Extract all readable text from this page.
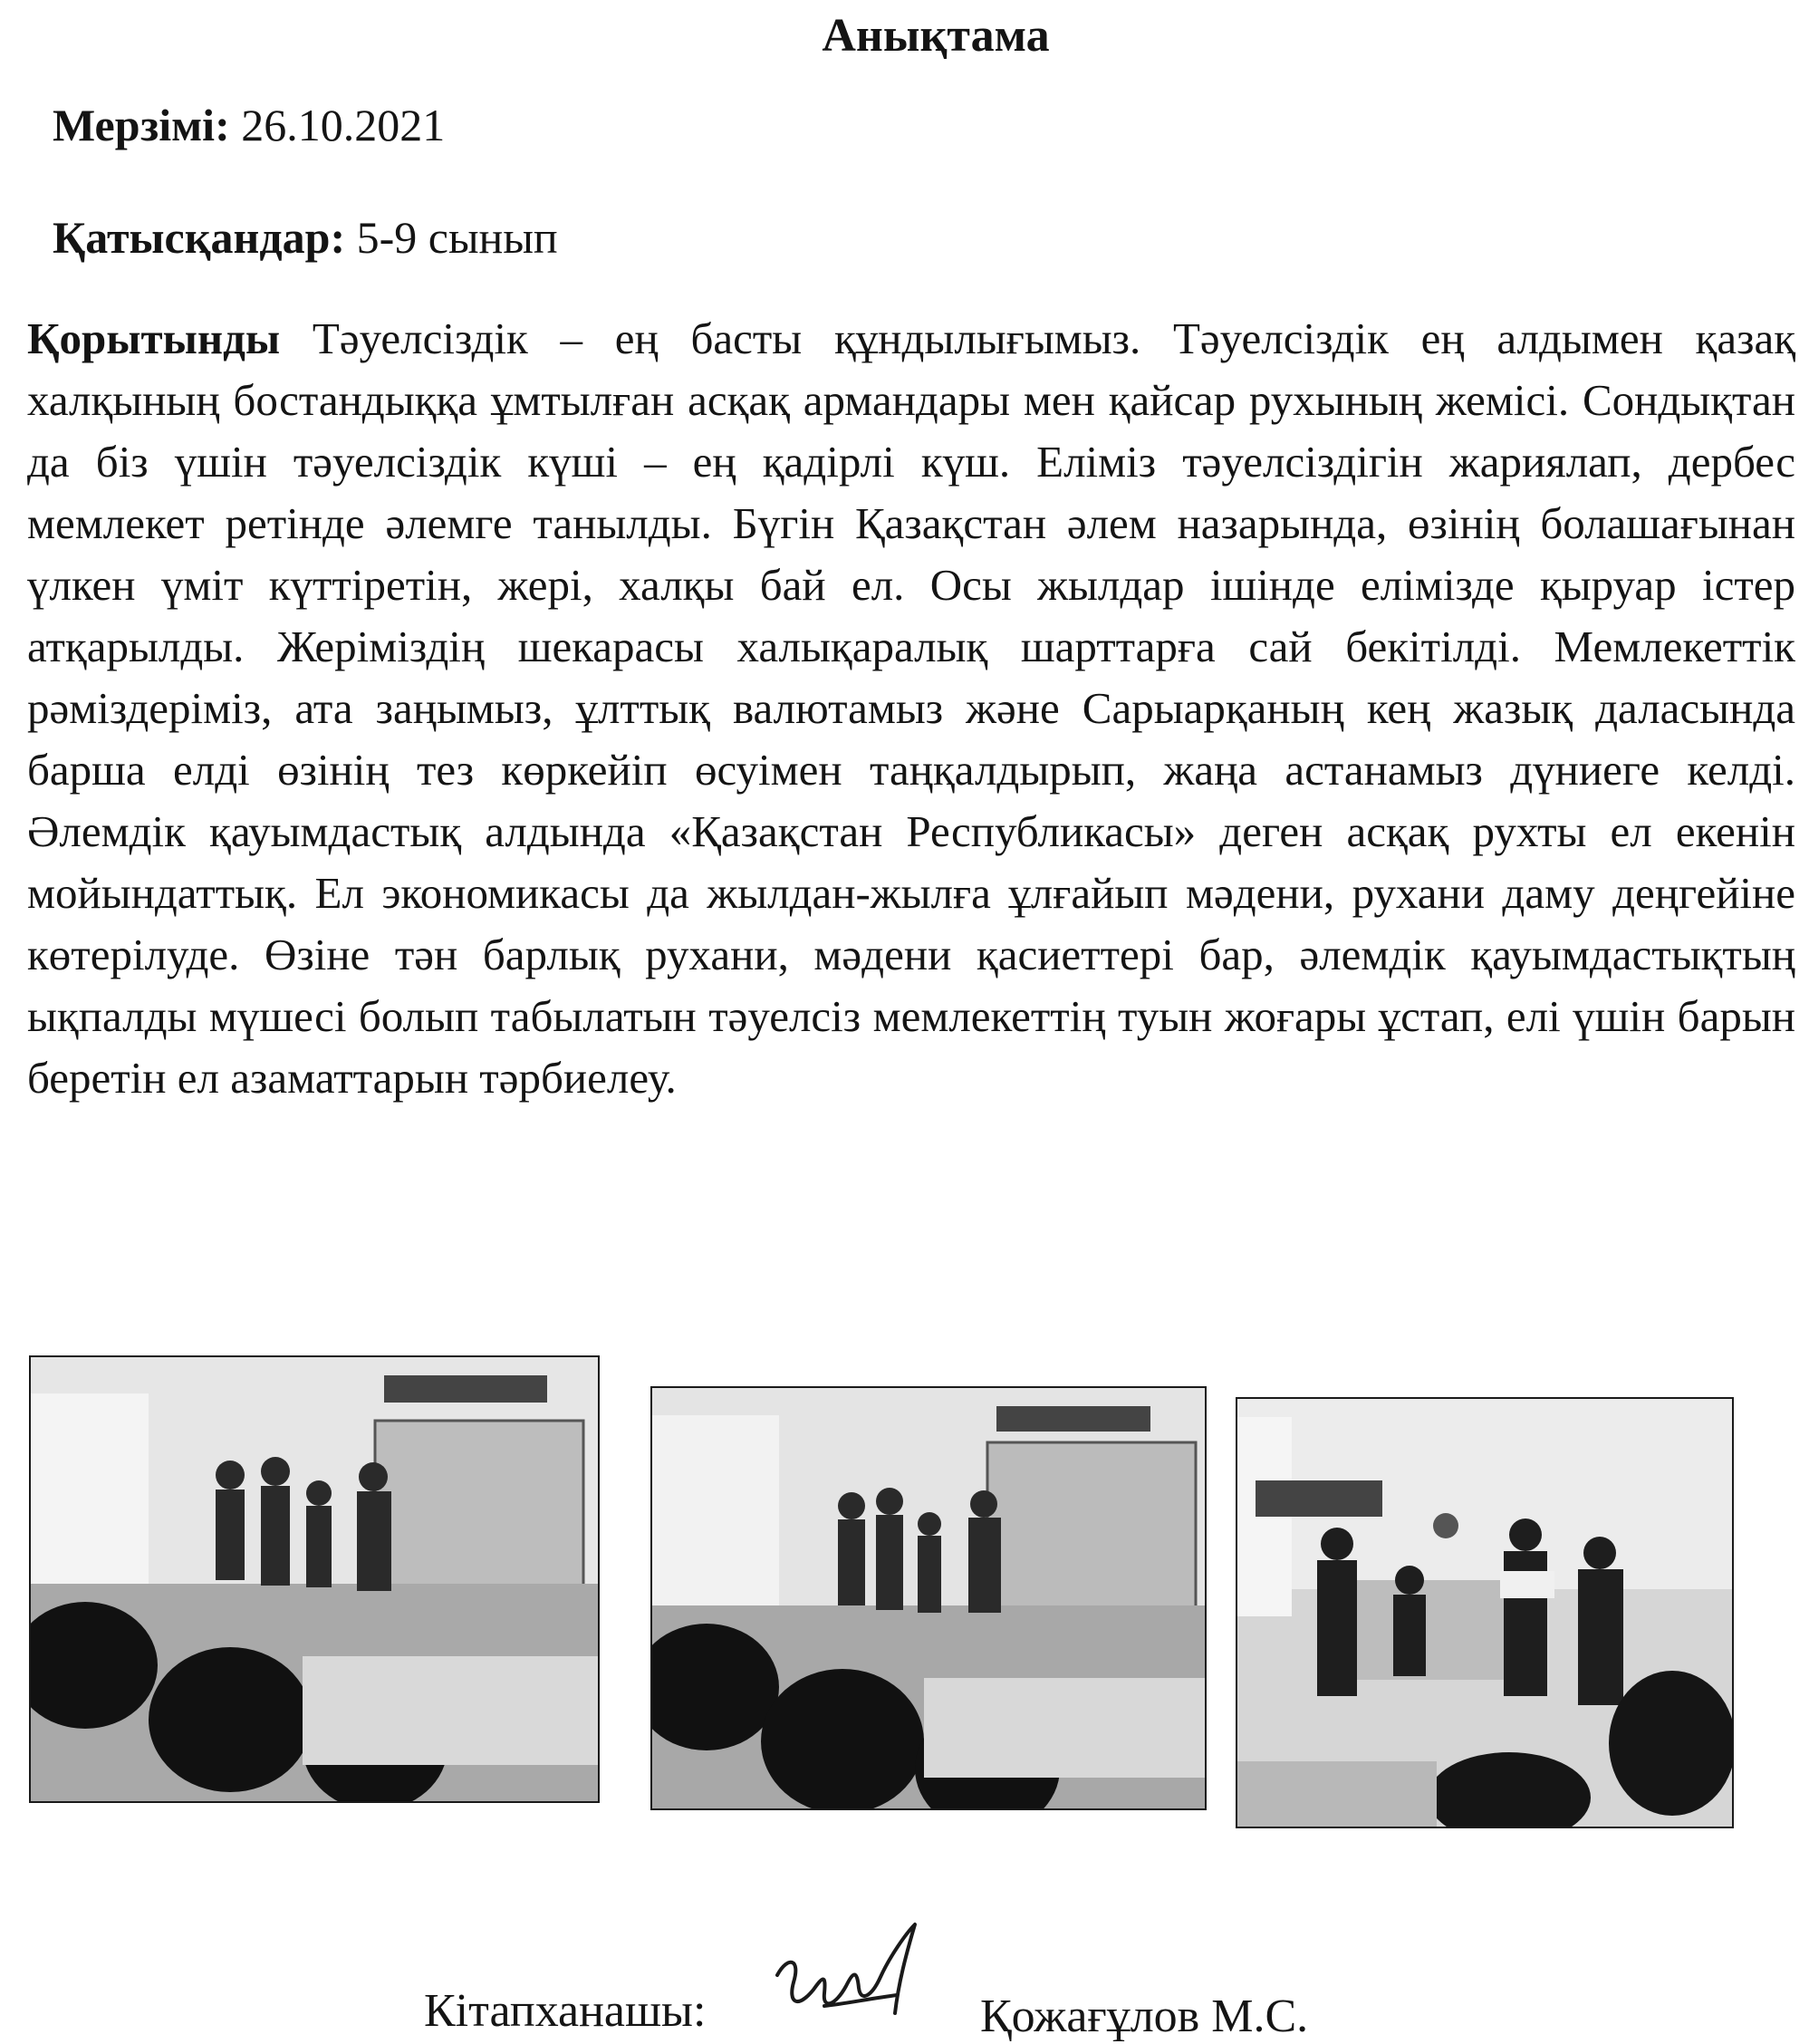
Анықтама
Мерзімі: 26.10.2021
Қатысқандар: 5-9 сынып
Қорытынды Тәуелсіздік – ең басты құндылығымыз. Тәуелсіздік ең алдымен қазақ халқының бостандыққа ұмтылған асқақ армандары мен қайсар рухының жемісі. Сондықтан да біз үшін тәуелсіздік күші – ең қадірлі күш. Еліміз тәуелсіздігін жариялап, дербес мемлекет ретінде әлемге танылды. Бүгін Қазақстан әлем назарында, өзінің болашағынан үлкен үміт күттіретін, жері, халқы бай ел. Осы жылдар ішінде елімізде қыруар істер атқарылды. Жеріміздің шекарасы халықаралық шарттарға сай бекітілді. Мемлекеттік рәміздеріміз, ата заңымыз, ұлттық валютамыз және Сарыарқаның кең жазық даласында барша елді өзінің тез көркейіп өсуімен таңқалдырып, жаңа астанамыз дүниеге келді. Әлемдік қауымдастық алдында «Қазақстан Республикасы» деген асқақ рухты ел екенін мойындаттық. Ел экономикасы да жылдан-жылға ұлғайып мәдени, рухани даму деңгейіне көтерілуде. Өзіне тән барлық рухани, мәдени қасиеттері бар, әлемдік қауымдастықтың ықпалды мүшесі болып табылатын тәуелсіз мемлекеттің туын жоғары ұстап, елі үшін барын беретін ел азаматтарын тәрбиелеу.
Кітапханашы:	Қожағұлов М.С.
